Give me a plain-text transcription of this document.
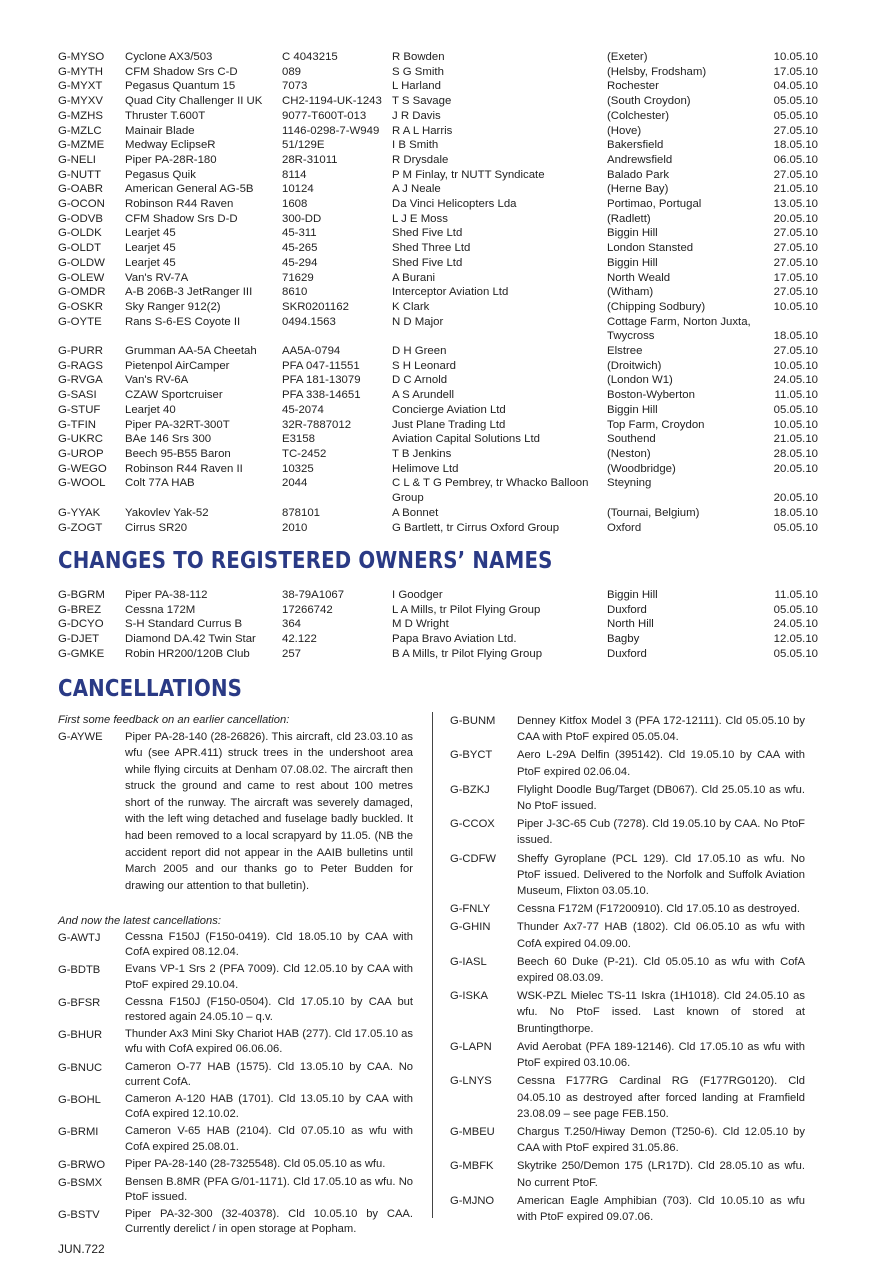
G-MYSO	Cyclone AX3/503	C 4043215	R Bowden	(Exeter)	10.05.10
G-MYTH	CFM Shadow Srs C-D	089	S G Smith	(Helsby, Frodsham)	17.05.10
G-MYXT	Pegasus Quantum 15	7073	L Harland	Rochester	04.05.10
G-MYXV	Quad City Challenger II UK	CH2-1194-UK-1243	T S Savage	(South Croydon)	05.05.10
G-MZHS	Thruster T.600T	9077-T600T-013	J R Davis	(Colchester)	05.05.10
G-MZLC	Mainair Blade	1146-0298-7-W949	R A L Harris	(Hove)	27.05.10
G-MZME	Medway EclipseR	51/129E	I B Smith	Bakersfield	18.05.10
G-NELI	Piper PA-28R-180	28R-31011	R Drysdale	Andrewsfield	06.05.10
G-NUTT	Pegasus Quik	8114	P M Finlay, tr NUTT Syndicate	Balado Park	27.05.10
G-OABR	American General AG-5B	10124	A J Neale	(Herne Bay)	21.05.10
G-OCON	Robinson R44 Raven	1608	Da Vinci Helicopters Lda	Portimao, Portugal	13.05.10
G-ODVB	CFM Shadow Srs D-D	300-DD	L J E Moss	(Radlett)	20.05.10
G-OLDK	Learjet 45	45-311	Shed Five Ltd	Biggin Hill	27.05.10
G-OLDT	Learjet 45	45-265	Shed Three Ltd	London Stansted	27.05.10
G-OLDW	Learjet 45	45-294	Shed Five Ltd	Biggin Hill	27.05.10
G-OLEW	Van's RV-7A	71629	A Burani	North Weald	17.05.10
G-OMDR	A-B 206B-3 JetRanger III	8610	Interceptor Aviation Ltd	(Witham)	27.05.10
G-OSKR	Sky Ranger 912(2)	SKR0201162	K Clark	(Chipping Sodbury)	10.05.10
G-OYTE	Rans S-6-ES Coyote II	0494.1563	N D Major	Cottage Farm, Norton Juxta, Twycross	18.05.10
G-PURR	Grumman AA-5A Cheetah	AA5A-0794	D H Green	Elstree	27.05.10
G-RAGS	Pietenpol AirCamper	PFA 047-11551	S H Leonard	(Droitwich)	10.05.10
G-RVGA	Van's RV-6A	PFA 181-13079	D C Arnold	(London W1)	24.05.10
G-SASI	CZAW Sportcruiser	PFA 338-14651	A S Arundell	Boston-Wyberton	11.05.10
G-STUF	Learjet 40	45-2074	Concierge Aviation Ltd	Biggin Hill	05.05.10
G-TFIN	Piper PA-32RT-300T	32R-7887012	Just Plane Trading Ltd	Top Farm, Croydon	10.05.10
G-UKRC	BAe 146 Srs 300	E3158	Aviation Capital Solutions Ltd	Southend	21.05.10
G-UROP	Beech 95-B55 Baron	TC-2452	T B Jenkins	(Neston)	28.05.10
G-WEGO	Robinson R44 Raven II	10325	Helimove Ltd	(Woodbridge)	20.05.10
G-WOOL	Colt 77A HAB	2044	C L & T G Pembrey, tr Whacko Balloon Group	Steyning	20.05.10
G-YYAK	Yakovlev Yak-52	878101	A Bonnet	(Tournai, Belgium)	18.05.10
G-ZOGT	Cirrus SR20	2010	G Bartlett, tr Cirrus Oxford Group	Oxford	05.05.10
CHANGES TO REGISTERED OWNERS’ NAMES
G-BGRM	Piper PA-38-112	38-79A1067	I Goodger	Biggin Hill	11.05.10
G-BREZ	Cessna 172M	17266742	L A Mills, tr Pilot Flying Group	Duxford	05.05.10
G-DCYO	S-H Standard Currus B	364	M D Wright	North Hill	24.05.10
G-DJET	Diamond DA.42 Twin Star	42.122	Papa Bravo Aviation Ltd.	Bagby	12.05.10
G-GMKE	Robin HR200/120B Club	257	B A Mills, tr Pilot Flying Group	Duxford	05.05.10
CANCELLATIONS
First some feedback on an earlier cancellation:
G-AYWE	Piper PA-28-140 (28-26826). This aircraft, cld 23.03.10 as wfu (see APR.411) struck trees in the undershoot area while flying circuits at Denham 07.08.02. The aircraft then struck the ground and came to rest about 100 metres short of the runway. The aircraft was severely damaged, with the left wing detached and fuselage badly buckled. It had been removed to a local scrapyard by 11.05. (NB the accident report did not appear in the AAIB bulletins until March 2005 and our thanks go to Peter Budden for drawing our attention to that bulletin).
And now the latest cancellations:
G-AWTJ	Cessna F150J (F150-0419). Cld 18.05.10 by CAA with CofA expired 08.12.04.
G-BDTB	Evans VP-1 Srs 2 (PFA 7009). Cld 12.05.10 by CAA with PtoF expired 29.10.04.
G-BFSR	Cessna F150J (F150-0504). Cld 17.05.10 by CAA but restored again 24.05.10 – q.v.
G-BHUR	Thunder Ax3 Mini Sky Chariot HAB (277). Cld 17.05.10 as wfu with CofA expired 06.06.06.
G-BNUC	Cameron O-77 HAB (1575). Cld 13.05.10 by CAA. No current CofA.
G-BOHL	Cameron A-120 HAB (1701). Cld 13.05.10 by CAA with CofA expired 12.10.02.
G-BRMI	Cameron V-65 HAB (2104). Cld 07.05.10 as wfu with CofA expired 25.08.01.
G-BRWO	Piper PA-28-140 (28-7325548). Cld 05.05.10 as wfu.
G-BSMX	Bensen B.8MR (PFA G/01-1171). Cld 17.05.10 as wfu. No PtoF issued.
G-BSTV	Piper PA-32-300 (32-40378). Cld 10.05.10 by CAA. Currently derelict / in open storage at Popham.
G-BUNM	Denney Kitfox Model 3 (PFA 172-12111). Cld 05.05.10 by CAA with PtoF expired 05.05.04.
G-BYCT	Aero L-29A Delfin (395142). Cld 19.05.10 by CAA with PtoF expired 02.06.04.
G-BZKJ	Flylight Doodle Bug/Target (DB067). Cld 25.05.10 as wfu. No PtoF issued.
G-CCOX	Piper J-3C-65 Cub (7278). Cld 19.05.10 by CAA. No PtoF issued.
G-CDFW	Sheffy Gyroplane (PCL 129). Cld 17.05.10 as wfu. No PtoF issued. Delivered to the Norfolk and Suffolk Aviation Museum, Flixton 03.05.10.
G-FNLY	Cessna F172M (F17200910). Cld 17.05.10 as destroyed.
G-GHIN	Thunder Ax7-77 HAB (1802). Cld 06.05.10 as wfu with CofA expired 04.09.00.
G-IASL	Beech 60 Duke (P-21). Cld 05.05.10 as wfu with CofA expired 08.03.09.
G-ISKA	WSK-PZL Mielec TS-11 Iskra (1H1018). Cld 24.05.10 as wfu. No PtoF issed. Last known of stored at Bruntingthorpe.
G-LAPN	Avid Aerobat (PFA 189-12146). Cld 17.05.10 as wfu with PtoF expired 03.10.06.
G-LNYS	Cessna F177RG Cardinal RG (F177RG0120). Cld 04.05.10 as destroyed after forced landing at Framfield 23.08.09 – see page FEB.150.
G-MBEU	Chargus T.250/Hiway Demon (T250-6). Cld 12.05.10 by CAA with PtoF expired 31.05.86.
G-MBFK	Skytrike 250/Demon 175 (LR17D). Cld 28.05.10 as wfu. No current PtoF.
G-MJNO	American Eagle Amphibian (703). Cld 10.05.10 as wfu with PtoF expired 09.07.06.
JUN.722
